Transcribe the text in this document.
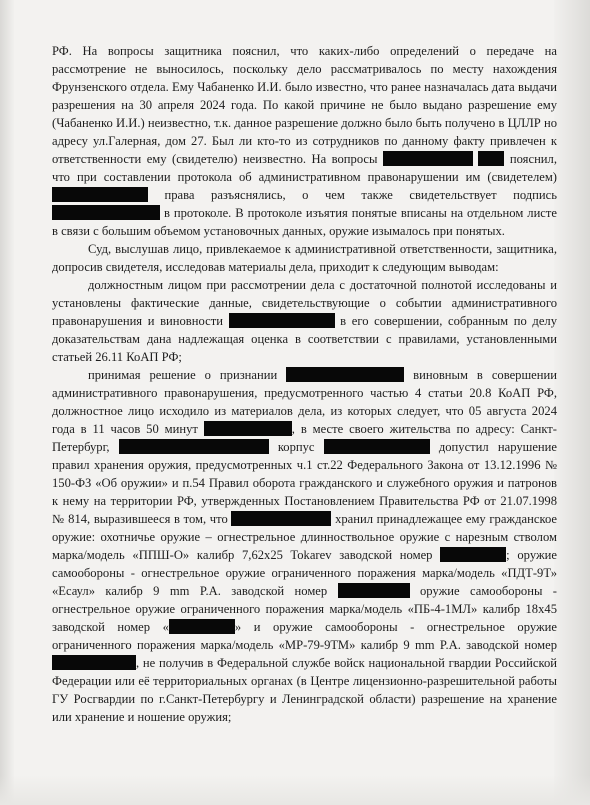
РФ. На вопросы защитника пояснил, что каких-либо определений о передаче на рассмотрение не выносилось, поскольку дело рассматривалось по месту нахождения Фрунзенского отдела. Ему Чабаненко И.И. было известно, что ранее назначалась дата выдачи разрешения на 30 апреля 2024 года. По какой причине не было выдано разрешение ему (Чабаненко И.И.) неизвестно, т.к. данное разрешение должно было быть получено в ЦЛЛР но адресу ул.Галерная, дом 27. Был ли кто-то из сотрудников по данному факту привлечен к ответственности ему (свидетелю) неизвестно. На вопросы	пояснил, что при составлении протокола об административном правонарушении им (свидетелем)  права разъяснялись, о чем также свидетельствует подпись  в протоколе. В протоколе изъятия понятые вписаны на отдельном листе в связи с большим объемом установочных данных, оружие изымалось при понятых.
Суд, выслушав лицо, привлекаемое к административной ответственности, защитника, допросив свидетеля, исследовав материалы дела, приходит к следующим выводам:
должностным лицом при рассмотрении дела с достаточной полнотой исследованы и установлены фактические данные, свидетельствующие о событии административного правонарушения и виновности	в его совершении, собранным по делу доказательствам дана надлежащая оценка в соответствии с правилами, установленными статьей 26.11 КоАП РФ;
принимая решение о признании	виновным в совершении административного правонарушения, предусмотренного частью 4 статьи 20.8 КоАП РФ, должностное лицо исходило из материалов дела, из которых следует, что 05 августа 2024 года в 11 часов 50 минут	, в месте своего жительства по адресу: Санкт-Петербург,	корпус	допустил нарушение правил хранения оружия, предусмотренных ч.1 ст.22 Федерального Закона от 13.12.1996 № 150-ФЗ «Об оружии» и п.54 Правил оборота гражданского и служебного оружия и патронов к нему на территории РФ, утвержденных Постановлением Правительства РФ от 21.07.1998 № 814, выразившееся в том, что	хранил принадлежащее ему гражданское оружие: охотничье оружие – огнестрельное длинноствольное оружие с нарезным стволом марка/модель «ППШ-О» калибр 7,62x25 Tokarev заводской номер	; оружие самообороны - огнестрельное оружие ограниченного поражения марка/модель «ПДТ-9Т» «Есаул» калибр 9 mm P.A. заводской номер	оружие самообороны - огнестрельное оружие ограниченного поражения марка/модель «ПБ-4-1МЛ» калибр 18x45 заводской номер «	» и оружие самообороны - огнестрельное оружие ограниченного поражения марка/модель «МР-79-9ТМ» калибр 9 mm P.A. заводской номер , не получив в Федеральной службе войск национальной гвардии Российской Федерации или её территориальных органах (в Центре лицензионно-разрешительной работы ГУ Росгвардии по г.Санкт-Петербургу и Ленинградской области) разрешение на хранение или хранение и ношение оружия;
